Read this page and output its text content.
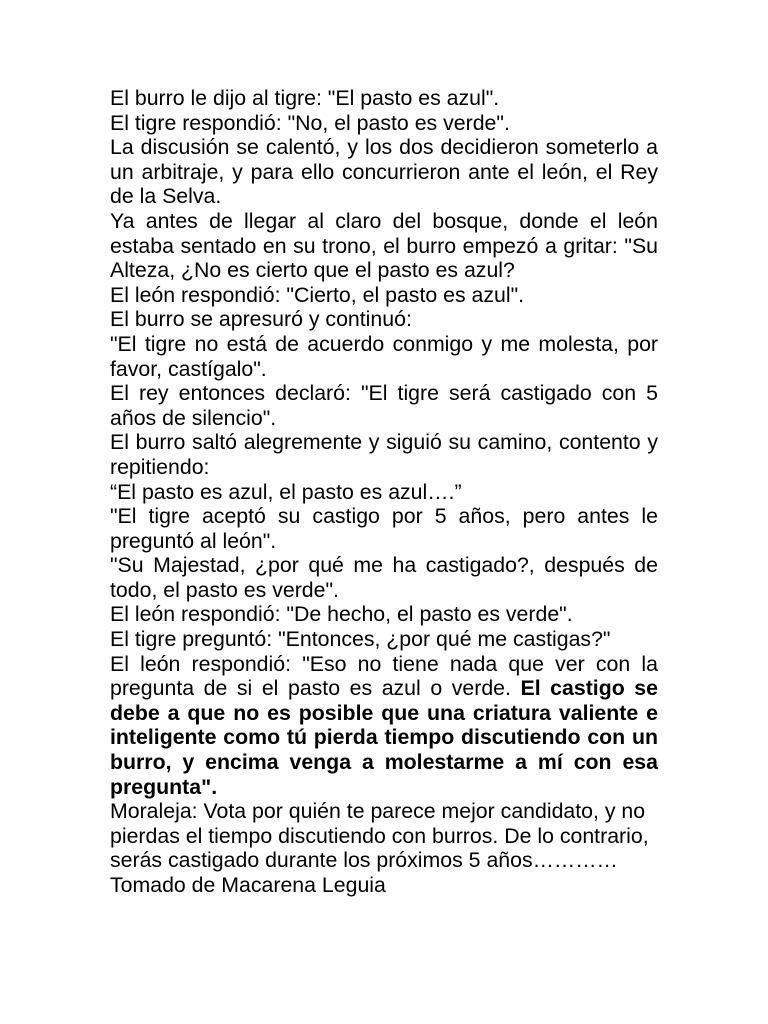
El burro le dijo al tigre: "El pasto es azul".

El tigre respondió: "No, el pasto es verde".

La discusión se calentó, y los dos decidieron someterlo a un arbitraje, y para ello concurrieron ante el león, el Rey de la Selva.

Ya antes de llegar al claro del bosque, donde el león estaba sentado en su trono, el burro empezó a gritar: "Su Alteza, ¿No es cierto que el pasto es azul?

El león respondió: "Cierto, el pasto es azul".

El burro se apresuró y continuó:

"El tigre no está de acuerdo conmigo y me molesta, por favor, castígalo".

El rey entonces declaró: "El tigre será castigado con 5 años de silencio".

El burro saltó alegremente y siguió su camino, contento y repitiendo:

“El pasto es azul, el pasto es azul….”

"El tigre aceptó su castigo por 5 años, pero antes le preguntó al león".

"Su Majestad, ¿por qué me ha castigado?, después de todo, el pasto es verde".

El león respondió: "De hecho, el pasto es verde".

El tigre preguntó: "Entonces, ¿por qué me castigas?"

El león respondió: "Eso no tiene nada que ver con la pregunta de si el pasto es azul o verde. El castigo se debe a que no es posible que una criatura valiente e inteligente como tú pierda tiempo discutiendo con un burro, y encima venga a molestarme a mí con esa pregunta".

Moraleja: Vota por quién te parece mejor candidato, y no pierdas el tiempo discutiendo con burros. De lo contrario, serás castigado durante los próximos 5 años………… Tomado de Macarena Leguia
